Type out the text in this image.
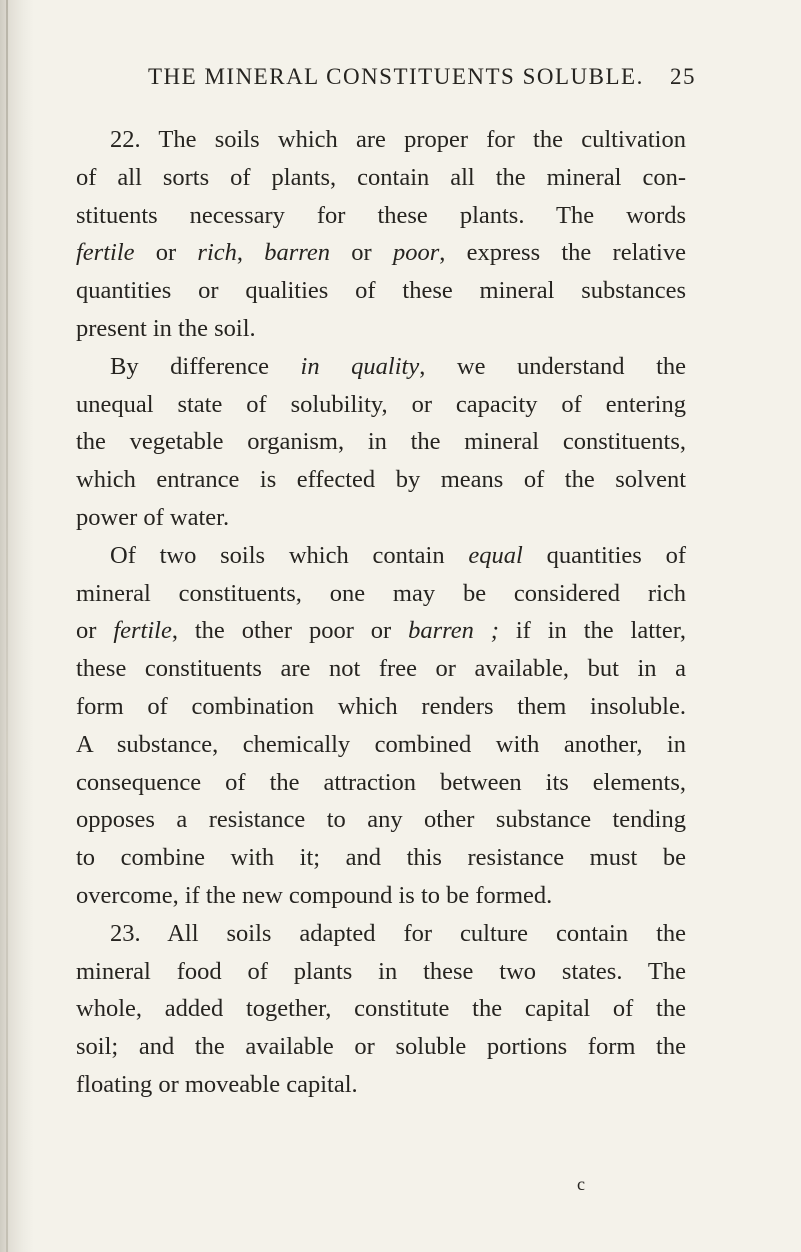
THE MINERAL CONSTITUENTS SOLUBLE. 25
22. The soils which are proper for the cultivation
of all sorts of plants, contain all the mineral con-
stituents necessary for these plants. The words
fertile or rich, barren or poor, express the relative
quantities or qualities of these mineral substances
present in the soil.
By difference in quality, we understand the
unequal state of solubility, or capacity of entering
the vegetable organism, in the mineral constituents,
which entrance is effected by means of the solvent
power of water.
Of two soils which contain equal quantities of
mineral constituents, one may be considered rich
or fertile, the other poor or barren ; if in the latter,
these constituents are not free or available, but in a
form of combination which renders them insoluble.
A substance, chemically combined with another, in
consequence of the attraction between its elements,
opposes a resistance to any other substance tending
to combine with it; and this resistance must be
overcome, if the new compound is to be formed.
23. All soils adapted for culture contain the
mineral food of plants in these two states. The
whole, added together, constitute the capital of the
soil; and the available or soluble portions form the
floating or moveable capital.
c
